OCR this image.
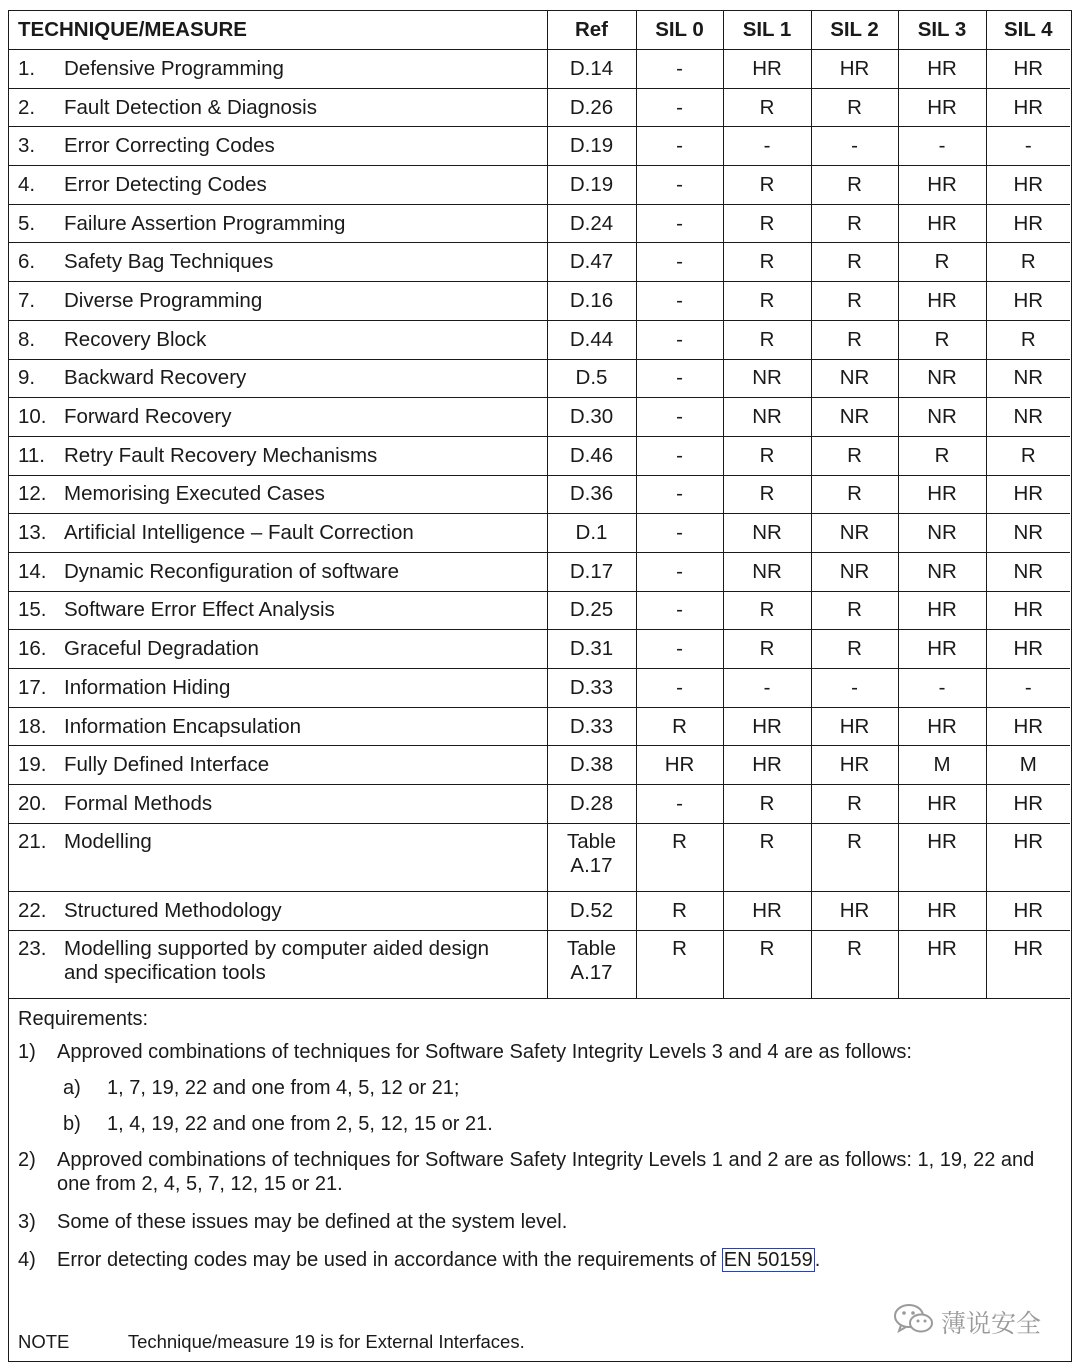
TECHNIQUE/MEASURE	Ref	SIL 0	SIL 1	SIL 2	SIL 3	SIL 4
1. Defensive Programming	D.14	-	HR	HR	HR	HR
2. Fault Detection & Diagnosis	D.26	-	R	R	HR	HR
3. Error Correcting Codes	D.19	-	-	-	-	-
4. Error Detecting Codes	D.19	-	R	R	HR	HR
5. Failure Assertion Programming	D.24	-	R	R	HR	HR
6. Safety Bag Techniques	D.47	-	R	R	R	R
7. Diverse Programming	D.16	-	R	R	HR	HR
8. Recovery Block	D.44	-	R	R	R	R
9. Backward Recovery	D.5	-	NR	NR	NR	NR
10. Forward Recovery	D.30	-	NR	NR	NR	NR
11. Retry Fault Recovery Mechanisms	D.46	-	R	R	R	R
12. Memorising Executed Cases	D.36	-	R	R	HR	HR
13. Artificial Intelligence – Fault Correction	D.1	-	NR	NR	NR	NR
14. Dynamic Reconfiguration of software	D.17	-	NR	NR	NR	NR
15. Software Error Effect Analysis	D.25	-	R	R	HR	HR
16. Graceful Degradation	D.31	-	R	R	HR	HR
17. Information Hiding	D.33	-	-	-	-	-
18. Information Encapsulation	D.33	R	HR	HR	HR	HR
19. Fully Defined Interface	D.38	HR	HR	HR	M	M
20. Formal Methods	D.28	-	R	R	HR	HR
21. Modelling	Table A.17	R	R	R	HR	HR
22. Structured Methodology	D.52	R	HR	HR	HR	HR
23. Modelling supported by computer aided design and specification tools	Table A.17	R	R	R	HR	HR
Requirements:
1)	Approved combinations of techniques for Software Safety Integrity Levels 3 and 4 are as follows:
a)	1, 7, 19, 22 and one from 4, 5, 12 or 21;
b)	1, 4, 19, 22 and one from 2, 5, 12, 15 or 21.
2)	Approved combinations of techniques for Software Safety Integrity Levels 1 and 2 are as follows: 1, 19, 22 and one from 2, 4, 5, 7, 12, 15 or 21.
3)	Some of these issues may be defined at the system level.
4)	Error detecting codes may be used in accordance with the requirements of EN 50159 .
NOTE	Technique/measure 19 is for External Interfaces.
薄说安全
